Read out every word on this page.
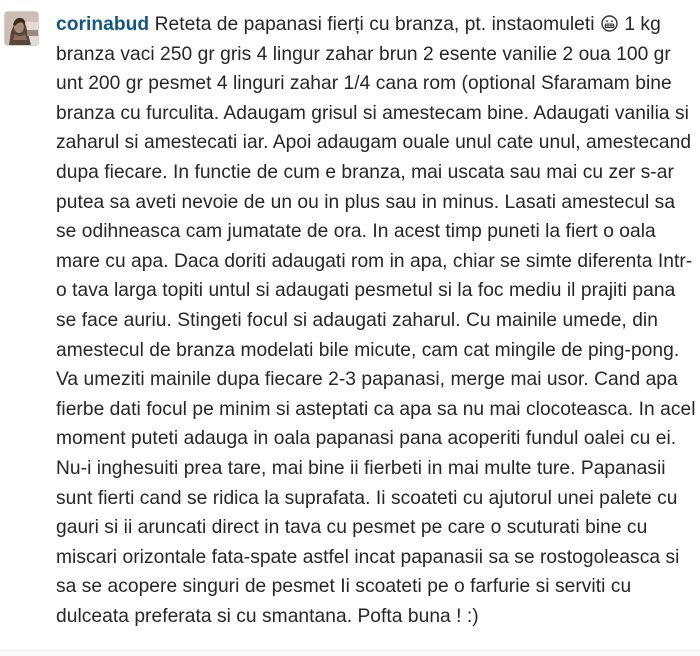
corinabud Reteta de papanasi fierți cu branza, pt. instaomuleti 1 kg branza vaci 250 gr gris 4 lingur zahar brun 2 esente vanilie 2 oua 100 gr unt 200 gr pesmet 4 linguri zahar 1/4 cana rom (optional Sfaramam bine branza cu furculita. Adaugam grisul si amestecam bine. Adaugati vanilia si zaharul si amestecati iar. Apoi adaugam ouale unul cate unul, amestecand dupa fiecare. In functie de cum e branza, mai uscata sau mai cu zer s-ar putea sa aveti nevoie de un ou in plus sau in minus. Lasati amestecul sa se odihneasca cam jumatate de ora. In acest timp puneti la fiert o oala mare cu apa. Daca doriti adaugati rom in apa, chiar se simte diferenta Intr-o tava larga topiti untul si adaugati pesmetul si la foc mediu il prajiti pana se face auriu. Stingeti focul si adaugati zaharul. Cu mainile umede, din amestecul de branza modelati bile micute, cam cat mingile de ping-pong. Va umeziti mainile dupa fiecare 2-3 papanasi, merge mai usor. Cand apa fierbe dati focul pe minim si asteptati ca apa sa nu mai clocoteasca. In acel moment puteti adauga in oala papanasi pana acoperiti fundul oalei cu ei. Nu-i inghesuiti prea tare, mai bine ii fierbeti in mai multe ture. Papanasii sunt fierti cand se ridica la suprafata. Ii scoateti cu ajutorul unei palete cu gauri si ii aruncati direct in tava cu pesmet pe care o scuturati bine cu miscari orizontale fata-spate astfel incat papanasii sa se rostogoleasca si sa se acopere singuri de pesmet Ii scoateti pe o farfurie si serviti cu dulceata preferata si cu smantana. Pofta buna ! :)
